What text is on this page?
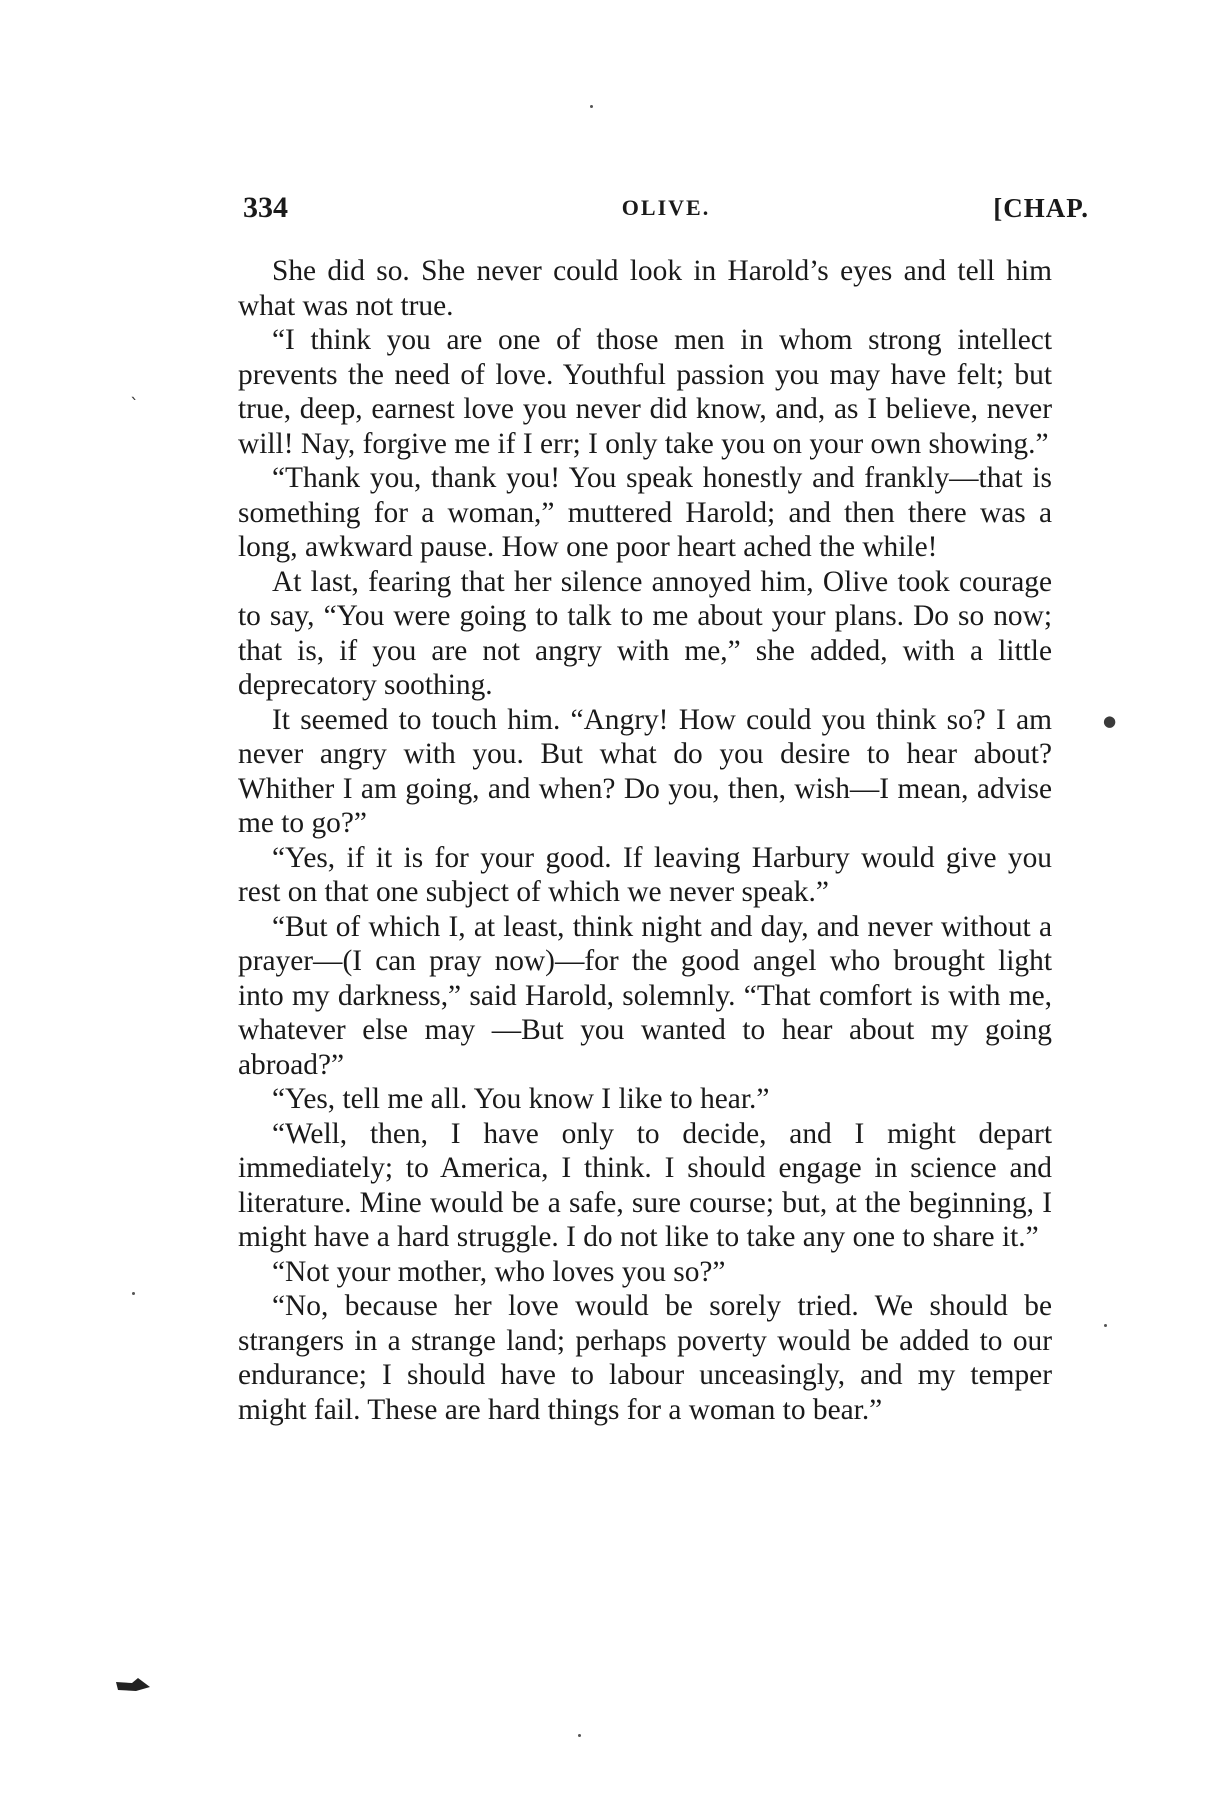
334	OLIVE.	[CHAP.

She did so. She never could look in Harold’s eyes and tell him what was not true.

“I think you are one of those men in whom strong intellect prevents the need of love. Youthful passion you may have felt; but true, deep, earnest love you never did know, and, as I believe, never will! Nay, forgive me if I err; I only take you on your own showing.”

“Thank you, thank you! You speak honestly and frankly—that is something for a woman,” muttered Harold; and then there was a long, awkward pause. How one poor heart ached the while!

At last, fearing that her silence annoyed him, Olive took courage to say, “You were going to talk to me about your plans. Do so now; that is, if you are not angry with me,” she added, with a little deprecatory soothing.

It seemed to touch him. “Angry! How could you think so? I am never angry with you. But what do you desire to hear about? Whither I am going, and when? Do you, then, wish—I mean, advise me to go?”

“Yes, if it is for your good. If leaving Harbury would give you rest on that one subject of which we never speak.”

“But of which I, at least, think night and day, and never without a prayer—(I can pray now)—for the good angel who brought light into my darkness,” said Harold, solemnly. “That comfort is with me, whatever else may —But you wanted to hear about my going abroad?”

“Yes, tell me all. You know I like to hear.”

“Well, then, I have only to decide, and I might depart immediately; to America, I think. I should engage in science and literature. Mine would be a safe, sure course; but, at the beginning, I might have a hard struggle. I do not like to take any one to share it.”

“Not your mother, who loves you so?”

“No, because her love would be sorely tried. We should be strangers in a strange land; perhaps poverty would be added to our endurance; I should have to labour unceasingly, and my temper might fail. These are hard things for a woman to bear.”

ˋ
●
